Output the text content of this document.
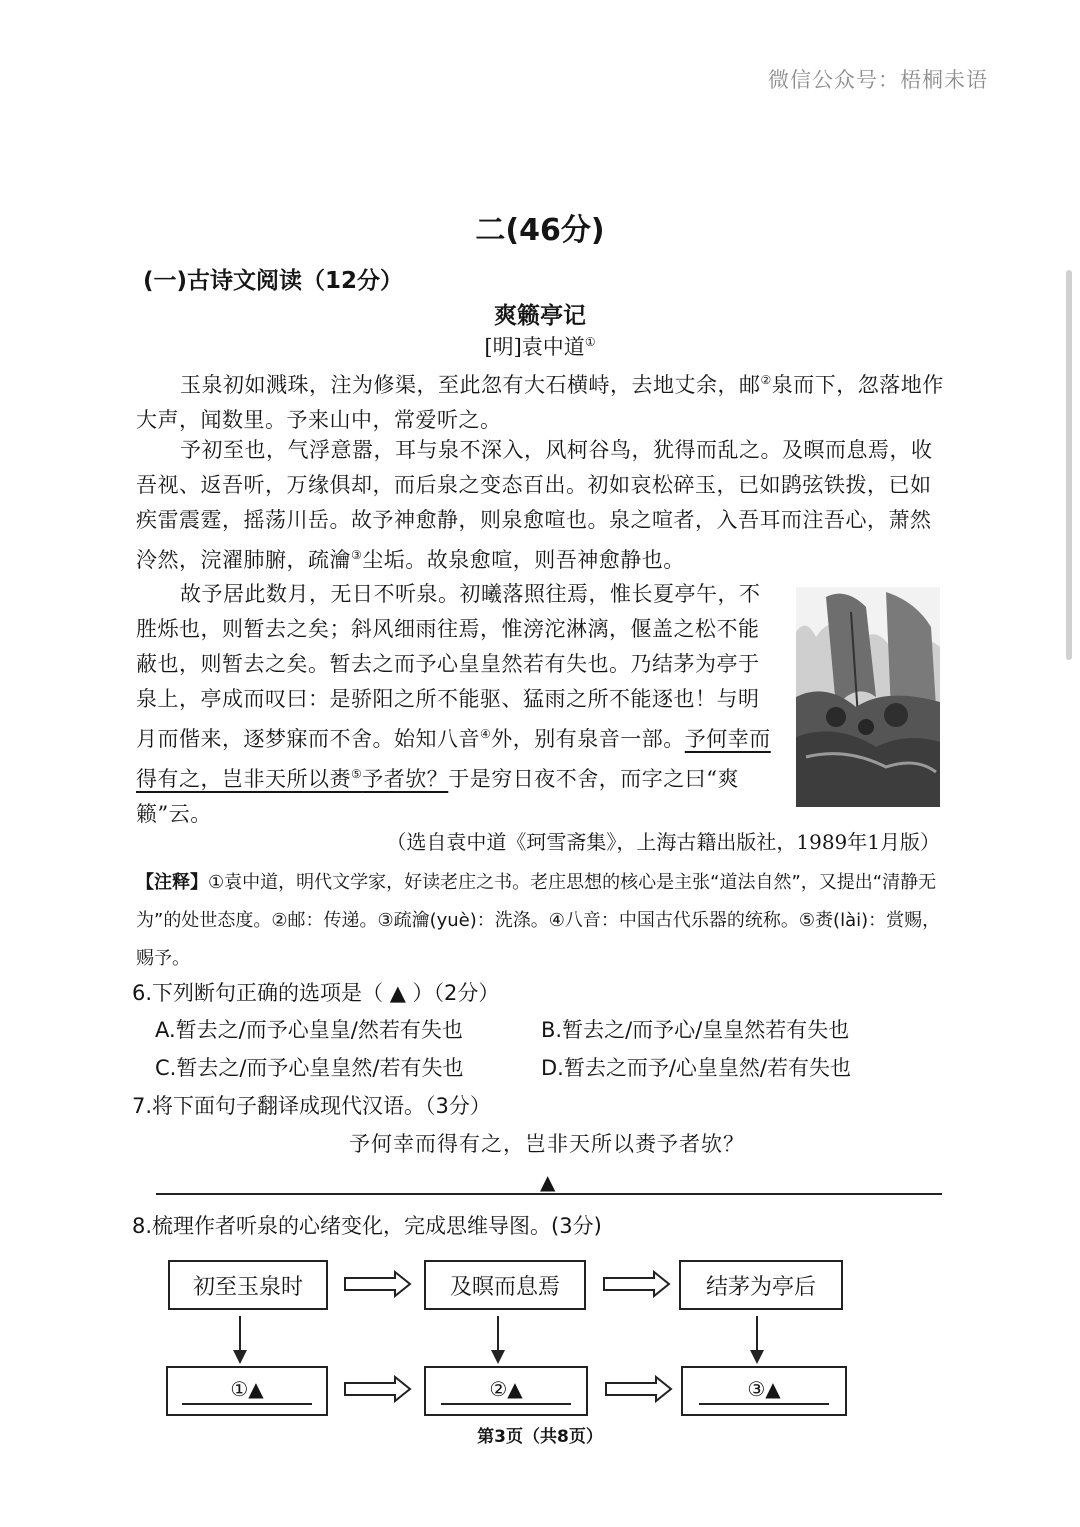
微信公众号：梧桐未语
二(46分)
(一)古诗文阅读（12分）
爽籁亭记
[明]袁中道①

玉泉初如溅珠，注为修渠，至此忽有大石横峙，去地丈余，邮②泉而下，忽落地作大声，闻数里。予来山中，常爱听之。

予初至也，气浮意嚣，耳与泉不深入，风柯谷鸟，犹得而乱之。及暝而息焉，收吾视、返吾听，万缘俱却，而后泉之变态百出。初如哀松碎玉，已如鹍弦铁拨，已如疾雷震霆，摇荡川岳。故予神愈静，则泉愈喧也。泉之喧者，入吾耳而注吾心，萧然泠然，浣濯肺腑，疏瀹③尘垢。故泉愈喧，则吾神愈静也。

故予居此数月，无日不听泉。初曦落照往焉，惟长夏亭午，不胜烁也，则暂去之矣；斜风细雨往焉，惟滂沱淋漓，偃盖之松不能蔽也，则暂去之矣。暂去之而予心皇皇然若有失也。乃结茅为亭于泉上，亭成而叹曰：是骄阳之所不能驱、猛雨之所不能逐也！与明月而偕来，逐梦寐而不舍。始知八音④外，别有泉音一部。予何幸而得有之，岂非天所以赉⑤予者欤？于是穷日夜不舍，而字之曰“爽籁”云。

（选自袁中道《珂雪斋集》，上海古籍出版社，1989年1月版）

【注释】①袁中道，明代文学家，好读老庄之书。老庄思想的核心是主张“道法自然”，又提出“清静无为”的处世态度。②邮：传递。③疏瀹(yuè)：洗涤。④八音：中国古代乐器的统称。⑤赉(lài)：赏赐，赐予。

6.下列断句正确的选项是（ ▲ ）（2分）
A.暂去之/而予心皇皇/然若有失也	B.暂去之/而予心/皇皇然若有失也
C.暂去之/而予心皇皇然/若有失也	D.暂去之而予/心皇皇然/若有失也
7.将下面句子翻译成现代汉语。（3分）
予何幸而得有之，岂非天所以赉予者欤？
▲
8.梳理作者听泉的心绪变化，完成思维导图。(3分)
初至玉泉时	及暝而息焉	结茅为亭后
①▲	②▲	③▲
第3页（共8页）
